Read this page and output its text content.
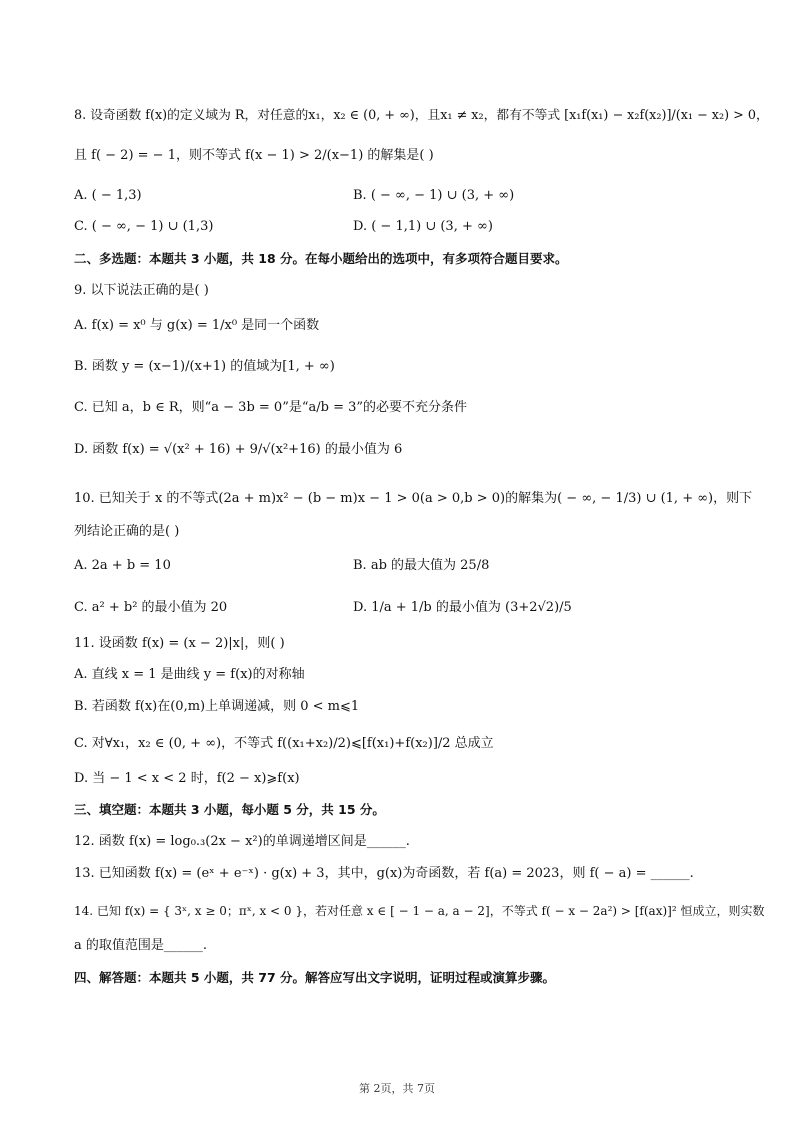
8. 设奇函数 f(x)的定义域为 R，对任意的x₁，x₂ ∈ (0, + ∞)，且x₁ ≠ x₂，都有不等式 [x₁f(x₁) − x₂f(x₂)]/(x₁ − x₂) > 0，
且 f( − 2) = − 1，则不等式 f(x − 1) > 2/(x−1) 的解集是( )
A. ( − 1,3)	B. ( − ∞, − 1) ∪ (3, + ∞)
C. ( − ∞, − 1) ∪ (1,3)	D. ( − 1,1) ∪ (3, + ∞)
二、多选题：本题共 3 小题，共 18 分。在每小题给出的选项中，有多项符合题目要求。
9. 以下说法正确的是( )
A. f(x) = x⁰ 与 g(x) = 1/x⁰ 是同一个函数
B. 函数 y = (x−1)/(x+1) 的值域为[1, + ∞)
C. 已知 a，b ∈ R，则“a − 3b = 0”是“a/b = 3”的必要不充分条件
D. 函数 f(x) = √(x² + 16) + 9/√(x²+16) 的最小值为 6
10. 已知关于 x 的不等式(2a + m)x² − (b − m)x − 1 > 0(a > 0,b > 0)的解集为( − ∞, − 1/3) ∪ (1, + ∞)，则下
列结论正确的是( )
A. 2a + b = 10	B. ab 的最大值为 25/8
C. a² + b² 的最小值为 20	D. 1/a + 1/b 的最小值为 (3+2√2)/5
11. 设函数 f(x) = (x − 2)|x|，则( )
A. 直线 x = 1 是曲线 y = f(x)的对称轴
B. 若函数 f(x)在(0,m)上单调递减，则 0 < m⩽1
C. 对∀x₁，x₂ ∈ (0, + ∞)，不等式 f((x₁+x₂)/2)⩽[f(x₁)+f(x₂)]/2 总成立
D. 当 − 1 < x < 2 时，f(2 − x)⩾f(x)
三、填空题：本题共 3 小题，每小题 5 分，共 15 分。
12. 函数 f(x) = log₀.₃(2x − x²)的单调递增区间是______.
13. 已知函数 f(x) = (eˣ + e⁻ˣ) · g(x) + 3，其中，g(x)为奇函数，若 f(a) = 2023，则 f( − a) = ______.
14. 已知 f(x) = { 3ˣ, x ≥ 0；πˣ, x < 0 }，若对任意 x ∈ [ − 1 − a, a − 2]，不等式 f( − x − 2a²) > [f(ax)]² 恒成立，则实数
a 的取值范围是______.
四、解答题：本题共 5 小题，共 77 分。解答应写出文字说明，证明过程或演算步骤。
第 2页，共 7页
